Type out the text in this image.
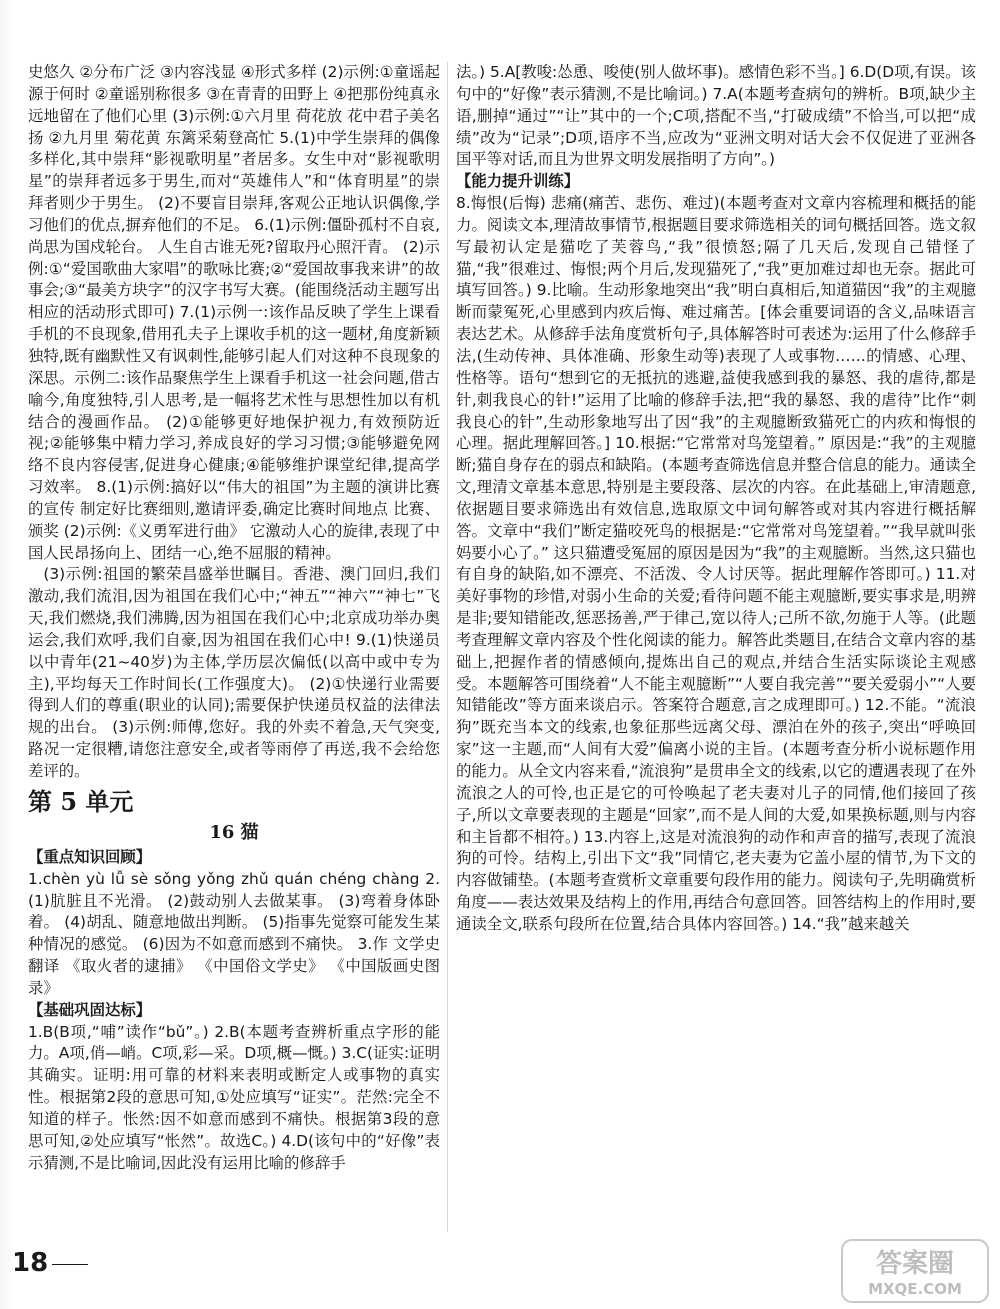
史悠久 ②分布广泛 ③内容浅显 ④形式多样 (2)示例:①童谣起源于何时 ②童谣别称很多 ③在青青的田野上 ④把那份纯真永远地留在了他们心里 (3)示例:①六月里 荷花放 花中君子美名扬 ②九月里 菊花黄 东篱采菊登高忙 5.(1)中学生崇拜的偶像多样化,其中崇拜“影视歌明星”者居多。女生中对“影视歌明星”的崇拜者远多于男生,而对“英雄伟人”和“体育明星”的崇拜者则少于男生。 (2)不要盲目崇拜,客观公正地认识偶像,学习他们的优点,摒弃他们的不足。 6.(1)示例:僵卧孤村不自哀,尚思为国戍轮台。 人生自古谁无死?留取丹心照汗青。 (2)示例:①“爱国歌曲大家唱”的歌咏比赛;②“爱国故事我来讲”的故事会;③“最美方块字”的汉字书写大赛。(能围绕活动主题写出相应的活动形式即可) 7.(1)示例一:该作品反映了学生上课看手机的不良现象,借用孔夫子上课收手机的这一题材,角度新颖独特,既有幽默性又有讽刺性,能够引起人们对这种不良现象的深思。示例二:该作品聚焦学生上课看手机这一社会问题,借古喻今,角度独特,引人思考,是一幅将艺术性与思想性加以有机结合的漫画作品。 (2)①能够更好地保护视力,有效预防近视;②能够集中精力学习,养成良好的学习习惯;③能够避免网络不良内容侵害,促进身心健康;④能够维护课堂纪律,提高学习效率。 8.(1)示例:搞好以“伟大的祖国”为主题的演讲比赛的宣传 制定好比赛细则,邀请评委,确定比赛时间地点 比赛、颁奖 (2)示例:《义勇军进行曲》 它激动人心的旋律,表现了中国人民昂扬向上、团结一心,绝不屈服的精神。

(3)示例:祖国的繁荣昌盛举世瞩目。香港、澳门回归,我们激动,我们流泪,因为祖国在我们心中;“神五”“神六”“神七”飞天,我们燃烧,我们沸腾,因为祖国在我们心中;北京成功举办奥运会,我们欢呼,我们自豪,因为祖国在我们心中! 9.(1)快递员以中青年(21~40岁)为主体,学历层次偏低(以高中或中专为主),平均每天工作时间长(工作强度大)。 (2)①快递行业需要得到人们的尊重(职业的认同);需要保护快递员权益的法律法规的出台。 (3)示例:师傅,您好。我的外卖不着急,天气突变,路况一定很糟,请您注意安全,或者等雨停了再送,我不会给您差评的。

第 5 单元
16 猫
【重点知识回顾】

1.chèn yù lǚ sè sǒng yǒng zhǔ quán chéng chàng 2.(1)肮脏且不光滑。 (2)鼓动别人去做某事。 (3)弯着身体卧着。 (4)胡乱、随意地做出判断。 (5)指事先觉察可能发生某种情况的感觉。 (6)因为不如意而感到不痛快。 3.作 文学史 翻译 《取火者的逮捕》 《中国俗文学史》 《中国版画史图录》

【基础巩固达标】

1.B(B项,“哺”读作“bǔ”。) 2.B(本题考查辨析重点字形的能力。A项,俏—峭。C项,彩—采。D项,概—慨。) 3.C(证实:证明其确实。证明:用可靠的材料来表明或断定人或事物的真实性。根据第2段的意思可知,①处应填写“证实”。茫然:完全不知道的样子。怅然:因不如意而感到不痛快。根据第3段的意思可知,②处应填写“怅然”。故选C。) 4.D(该句中的“好像”表示猜测,不是比喻词,因此没有运用比喻的修辞手

法。) 5.A[教唆:怂恿、唆使(别人做坏事)。感情色彩不当。] 6.D(D项,有误。该句中的“好像”表示猜测,不是比喻词。) 7.A(本题考查病句的辨析。B项,缺少主语,删掉“通过”“让”其中的一个;C项,搭配不当,“打破成绩”不恰当,可以把“成绩”改为“记录”;D项,语序不当,应改为“亚洲文明对话大会不仅促进了亚洲各国平等对话,而且为世界文明发展指明了方向”。)

【能力提升训练】

8.悔恨(后悔) 悲痛(痛苦、悲伤、难过)(本题考查对文章内容梳理和概括的能力。阅读文本,理清故事情节,根据题目要求筛选相关的词句概括回答。选文叙写最初认定是猫吃了芙蓉鸟,“我”很愤怒;隔了几天后,发现自己错怪了猫,“我”很难过、悔恨;两个月后,发现猫死了,“我”更加难过却也无奈。据此可填写回答。) 9.比喻。生动形象地突出“我”明白真相后,知道猫因“我”的主观臆断而蒙冤死,心里感到内疚后悔、难过痛苦。[体会重要词语的含义,品味语言表达艺术。从修辞手法角度赏析句子,具体解答时可表述为:运用了什么修辞手法,(生动传神、具体准确、形象生动等)表现了人或事物……的情感、心理、性格等。语句“想到它的无抵抗的逃避,益使我感到我的暴怒、我的虐待,都是针,刺我良心的针!”运用了比喻的修辞手法,把“我的暴怒、我的虐待”比作“刺我良心的针”,生动形象地写出了因“我”的主观臆断致猫死亡的内疚和悔恨的心理。据此理解回答。] 10.根据:“它常常对鸟笼望着。” 原因是:“我”的主观臆断;猫自身存在的弱点和缺陷。(本题考查筛选信息并整合信息的能力。通读全文,理清文章基本意思,特别是主要段落、层次的内容。在此基础上,审清题意,依据题目要求筛选出有效信息,选取原文中词句解答或对其内容进行概括解答。文章中“我们”断定猫咬死鸟的根据是:“它常常对鸟笼望着。”“我早就叫张妈要小心了。” 这只猫遭受冤屈的原因是因为“我”的主观臆断。当然,这只猫也有自身的缺陷,如不漂亮、不活泼、令人讨厌等。据此理解作答即可。) 11.对美好事物的珍惜,对弱小生命的关爱;看待问题不能主观臆断,要实事求是,明辨是非;要知错能改,惩恶扬善,严于律己,宽以待人;己所不欲,勿施于人等。(此题考查理解文章内容及个性化阅读的能力。解答此类题目,在结合文章内容的基础上,把握作者的情感倾向,提炼出自己的观点,并结合生活实际谈论主观感受。本题解答可围绕着“人不能主观臆断”“人要自我完善”“要关爱弱小”“人要知错能改”等方面来谈启示。答案符合题意,言之成理即可。) 12.不能。“流浪狗”既充当本文的线索,也象征那些远离父母、漂泊在外的孩子,突出“呼唤回家”这一主题,而“人间有大爱”偏离小说的主旨。(本题考查分析小说标题作用的能力。从全文内容来看,“流浪狗”是贯串全文的线索,以它的遭遇表现了在外流浪之人的可怜,也正是它的可怜唤起了老夫妻对儿子的同情,他们接回了孩子,所以文章要表现的主题是“回家”,而不是人间的大爱,如果换标题,则与内容和主旨都不相符。) 13.内容上,这是对流浪狗的动作和声音的描写,表现了流浪狗的可怜。结构上,引出下文“我”同情它,老夫妻为它盖小屋的情节,为下文的内容做铺垫。(本题考查赏析文章重要句段作用的能力。阅读句子,先明确赏析角度——表达效果及结构上的作用,再结合句意回答。回答结构上的作用时,要通读全文,联系句段所在位置,结合具体内容回答。) 14.“我”越来越关

18	答案圈
MXQE.COM
